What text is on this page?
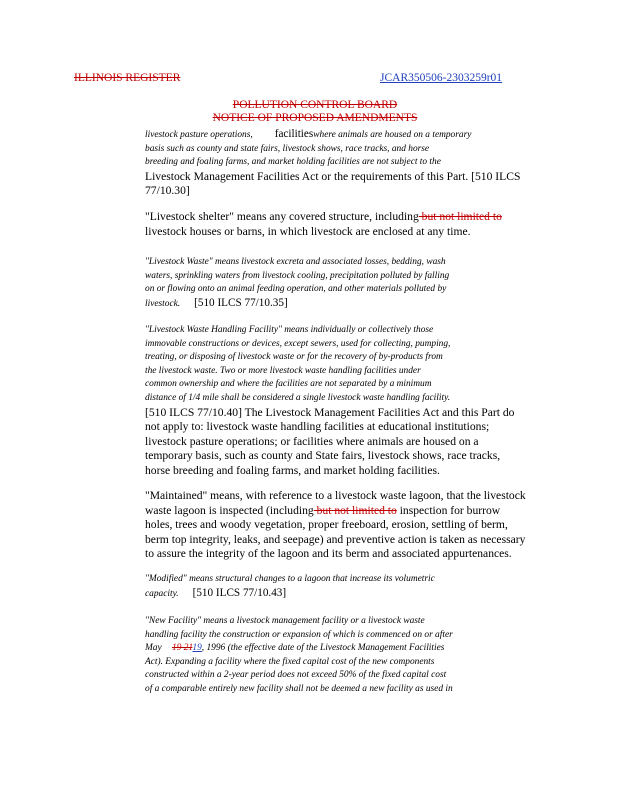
ILLINOIS REGISTER	JCAR350506-2303259r01
POLLUTION CONTROL BOARD
NOTICE OF PROPOSED AMENDMENTS
livestock pasture operations, facilitieswhere animals are housed on a temporary
basis such as county and state fairs, livestock shows, race tracks, and horse
breeding and foaling farms, and market holding facilities are not subject to the
Livestock Management Facilities Act or the requirements of this Part. [510 ILCS
77/10.30]
"Livestock shelter" means any covered structure, including but not limited to
livestock houses or barns, in which livestock are enclosed at any time.
"Livestock Waste" means livestock excreta and associated losses, bedding, wash
waters, sprinkling waters from livestock cooling, precipitation polluted by falling
on or flowing onto an animal feeding operation, and other materials polluted by
livestock. [510 ILCS 77/10.35]
"Livestock Waste Handling Facility" means individually or collectively those
immovable constructions or devices, except sewers, used for collecting, pumping,
treating, or disposing of livestock waste or for the recovery of by-products from
the livestock waste. Two or more livestock waste handling facilities under
common ownership and where the facilities are not separated by a minimum
distance of 1/4 mile shall be considered a single livestock waste handling facility.
[510 ILCS 77/10.40] The Livestock Management Facilities Act and this Part do
not apply to: livestock waste handling facilities at educational institutions;
livestock pasture operations; or facilities where animals are housed on a
temporary basis, such as county and State fairs, livestock shows, race tracks,
horse breeding and foaling farms, and market holding facilities.
"Maintained" means, with reference to a livestock waste lagoon, that the livestock
waste lagoon is inspected (including but not limited to inspection for burrow
holes, trees and woody vegetation, proper freeboard, erosion, settling of berm,
berm top integrity, leaks, and seepage) and preventive action is taken as necessary
to assure the integrity of the lagoon and its berm and associated appurtenances.
"Modified" means structural changes to a lagoon that increase its volumetric
capacity. [510 ILCS 77/10.43]
"New Facility" means a livestock management facility or a livestock waste
handling facility the construction or expansion of which is commenced on or after
May 19 2119, 1996 (the effective date of the Livestock Management Facilities
Act). Expanding a facility where the fixed capital cost of the new components
constructed within a 2-year period does not exceed 50% of the fixed capital cost
of a comparable entirely new facility shall not be deemed a new facility as used in
